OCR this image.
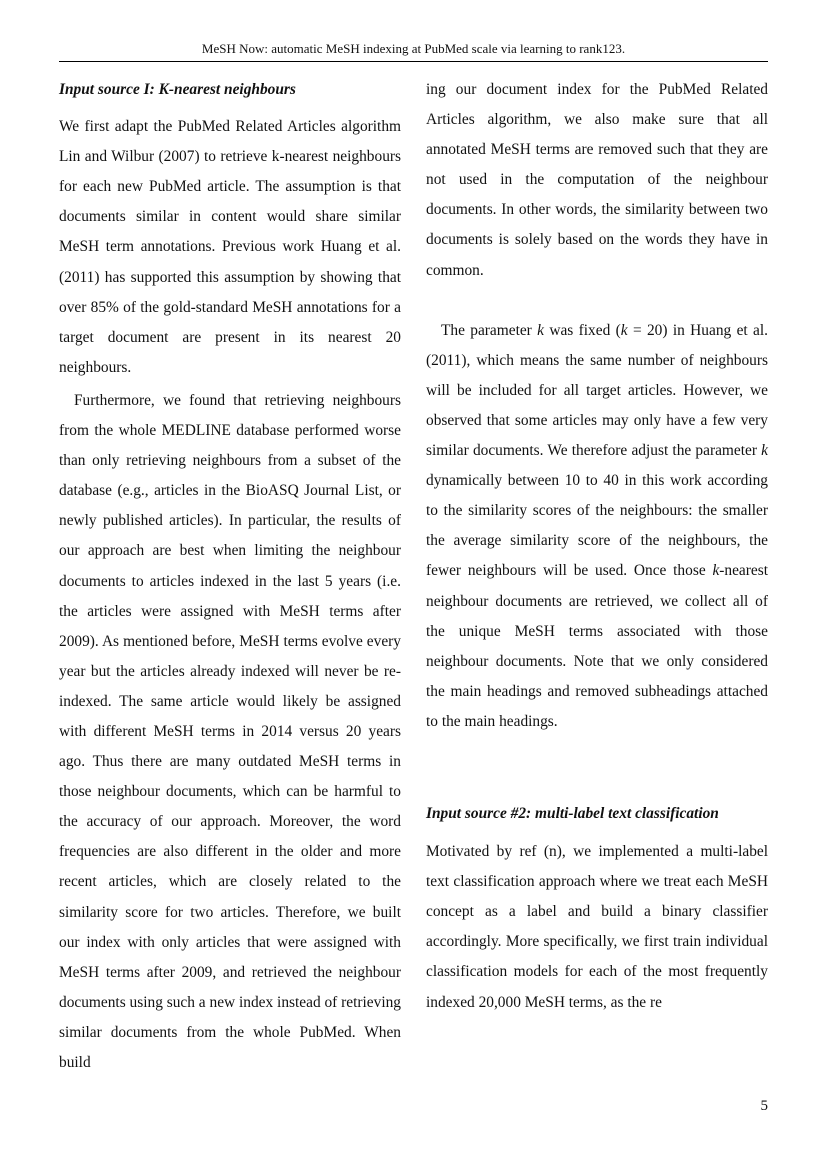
MeSH Now: automatic MeSH indexing at PubMed scale via learning to rank123.
Input source I: K-nearest neighbours

We first adapt the PubMed Related Articles algorithm Lin and Wilbur (2007) to retrieve k-nearest neighbours for each new PubMed article. The assumption is that documents similar in content would share similar MeSH term annotations. Previous work Huang et al. (2011) has supported this assumption by showing that over 85% of the gold-standard MeSH annotations for a target document are present in its nearest 20 neighbours.

Furthermore, we found that retrieving neighbours from the whole MEDLINE database performed worse than only retrieving neighbours from a subset of the database (e.g., articles in the BioASQ Journal List, or newly published articles). In particular, the results of our approach are best when limiting the neighbour documents to articles indexed in the last 5 years (i.e. the articles were assigned with MeSH terms after 2009). As mentioned before, MeSH terms evolve every year but the articles already indexed will never be re-indexed. The same article would likely be assigned with different MeSH terms in 2014 versus 20 years ago. Thus there are many outdated MeSH terms in those neighbour documents, which can be harmful to the accuracy of our approach. Moreover, the word frequencies are also different in the older and more recent articles, which are closely related to the similarity score for two articles. Therefore, we built our index with only articles that were assigned with MeSH terms after 2009, and retrieved the neighbour documents using such a new index instead of retrieving similar documents from the whole PubMed. When build

ing our document index for the PubMed Related Articles algorithm, we also make sure that all annotated MeSH terms are removed such that they are not used in the computation of the neighbour documents. In other words, the similarity between two documents is solely based on the words they have in common.

The parameter k was fixed (k = 20) in Huang et al. (2011), which means the same number of neighbours will be included for all target articles. However, we observed that some articles may only have a few very similar documents. We therefore adjust the parameter k dynamically between 10 to 40 in this work according to the similarity scores of the neighbours: the smaller the average similarity score of the neighbours, the fewer neighbours will be used. Once those k-nearest neighbour documents are retrieved, we collect all of the unique MeSH terms associated with those neighbour documents. Note that we only considered the main headings and removed subheadings attached to the main headings.

Input source #2: multi-label text classification

Motivated by ref (n), we implemented a multi-label text classification approach where we treat each MeSH concept as a label and build a binary classifier accordingly. More specifically, we first train individual classification models for each of the most frequently indexed 20,000 MeSH terms, as the re

5
